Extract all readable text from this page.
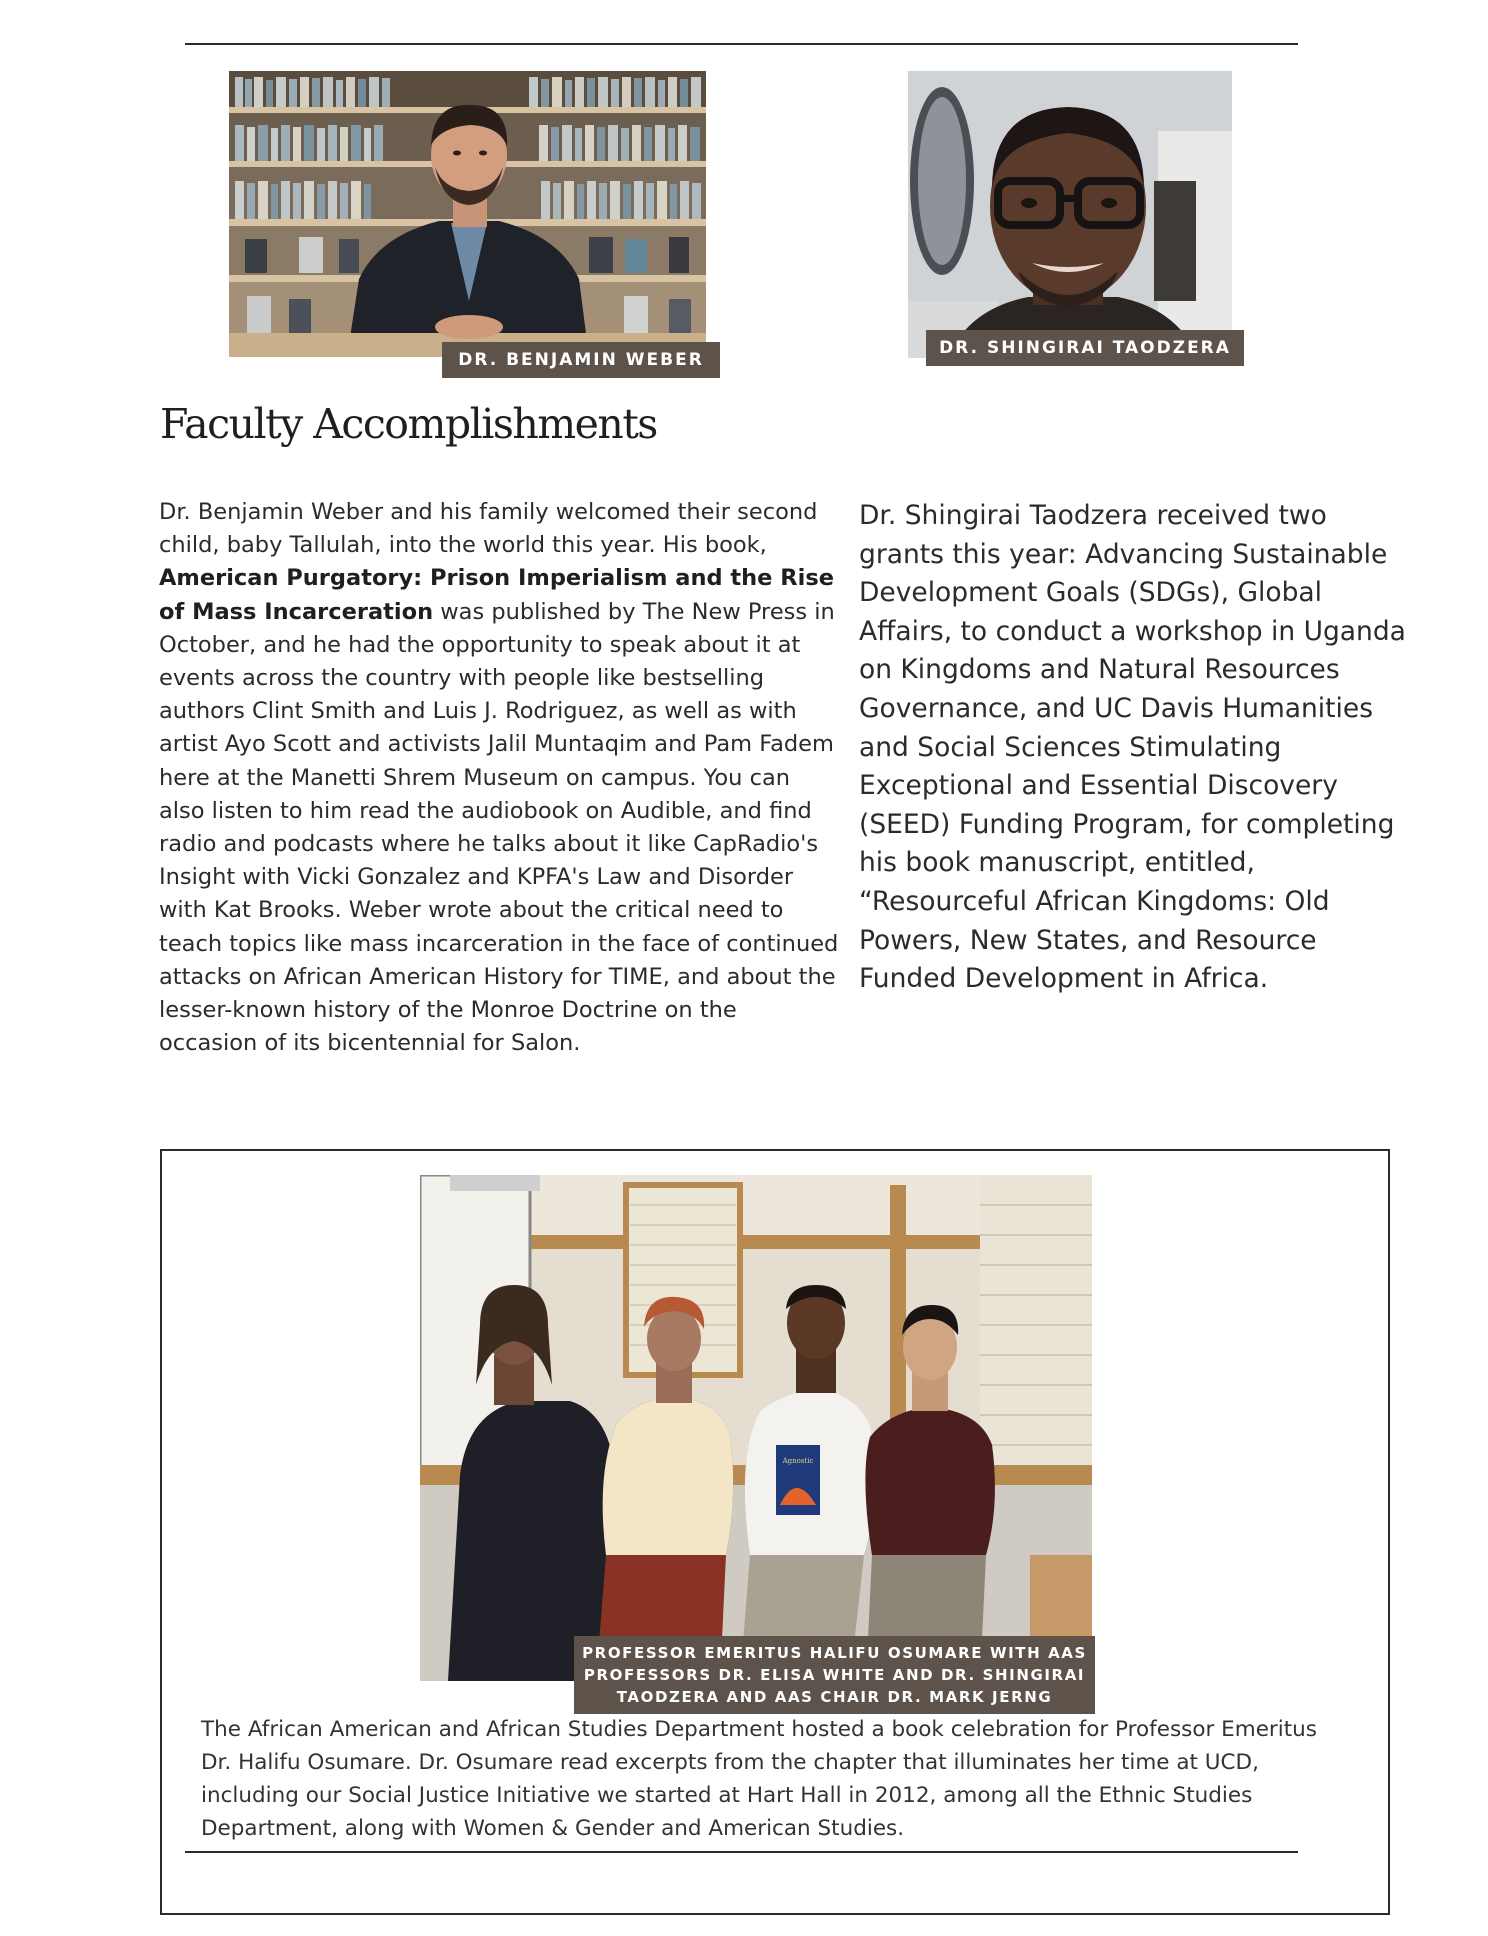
DR. BENJAMIN WEBER
DR. SHINGIRAI TAODZERA
Faculty Accomplishments
Dr. Benjamin Weber and his family welcomed their second child, baby Tallulah, into the world this year. His book, American Purgatory: Prison Imperialism and the Rise of Mass Incarceration was published by The New Press in October, and he had the opportunity to speak about it at events across the country with people like bestselling authors Clint Smith and Luis J. Rodriguez, as well as with artist Ayo Scott and activists Jalil Muntaqim and Pam Fadem here at the Manetti Shrem Museum on campus. You can also listen to him read the audiobook on Audible, and find radio and podcasts where he talks about it like CapRadio's Insight with Vicki Gonzalez and KPFA's Law and Disorder with Kat Brooks. Weber wrote about the critical need to teach topics like mass incarceration in the face of continued attacks on African American History for TIME, and about the lesser-known history of the Monroe Doctrine on the occasion of its bicentennial for Salon.
Dr. Shingirai Taodzera received two grants this year: Advancing Sustainable Development Goals (SDGs), Global Affairs, to conduct a workshop in Uganda on Kingdoms and Natural Resources Governance, and UC Davis Humanities and Social Sciences Stimulating Exceptional and Essential Discovery (SEED) Funding Program, for completing his book manuscript, entitled, “Resourceful African Kingdoms: Old Powers, New States, and Resource Funded Development in Africa.
Agnostic
PROFESSOR EMERITUS HALIFU OSUMARE WITH AAS
PROFESSORS DR. ELISA WHITE AND DR. SHINGIRAI
TAODZERA AND AAS CHAIR DR. MARK JERNG
The African American and African Studies Department hosted a book celebration for Professor Emeritus Dr. Halifu Osumare. Dr. Osumare read excerpts from the chapter that illuminates her time at UCD, including our Social Justice Initiative we started at Hart Hall in 2012, among all the Ethnic Studies Department, along with Women & Gender and American Studies.
